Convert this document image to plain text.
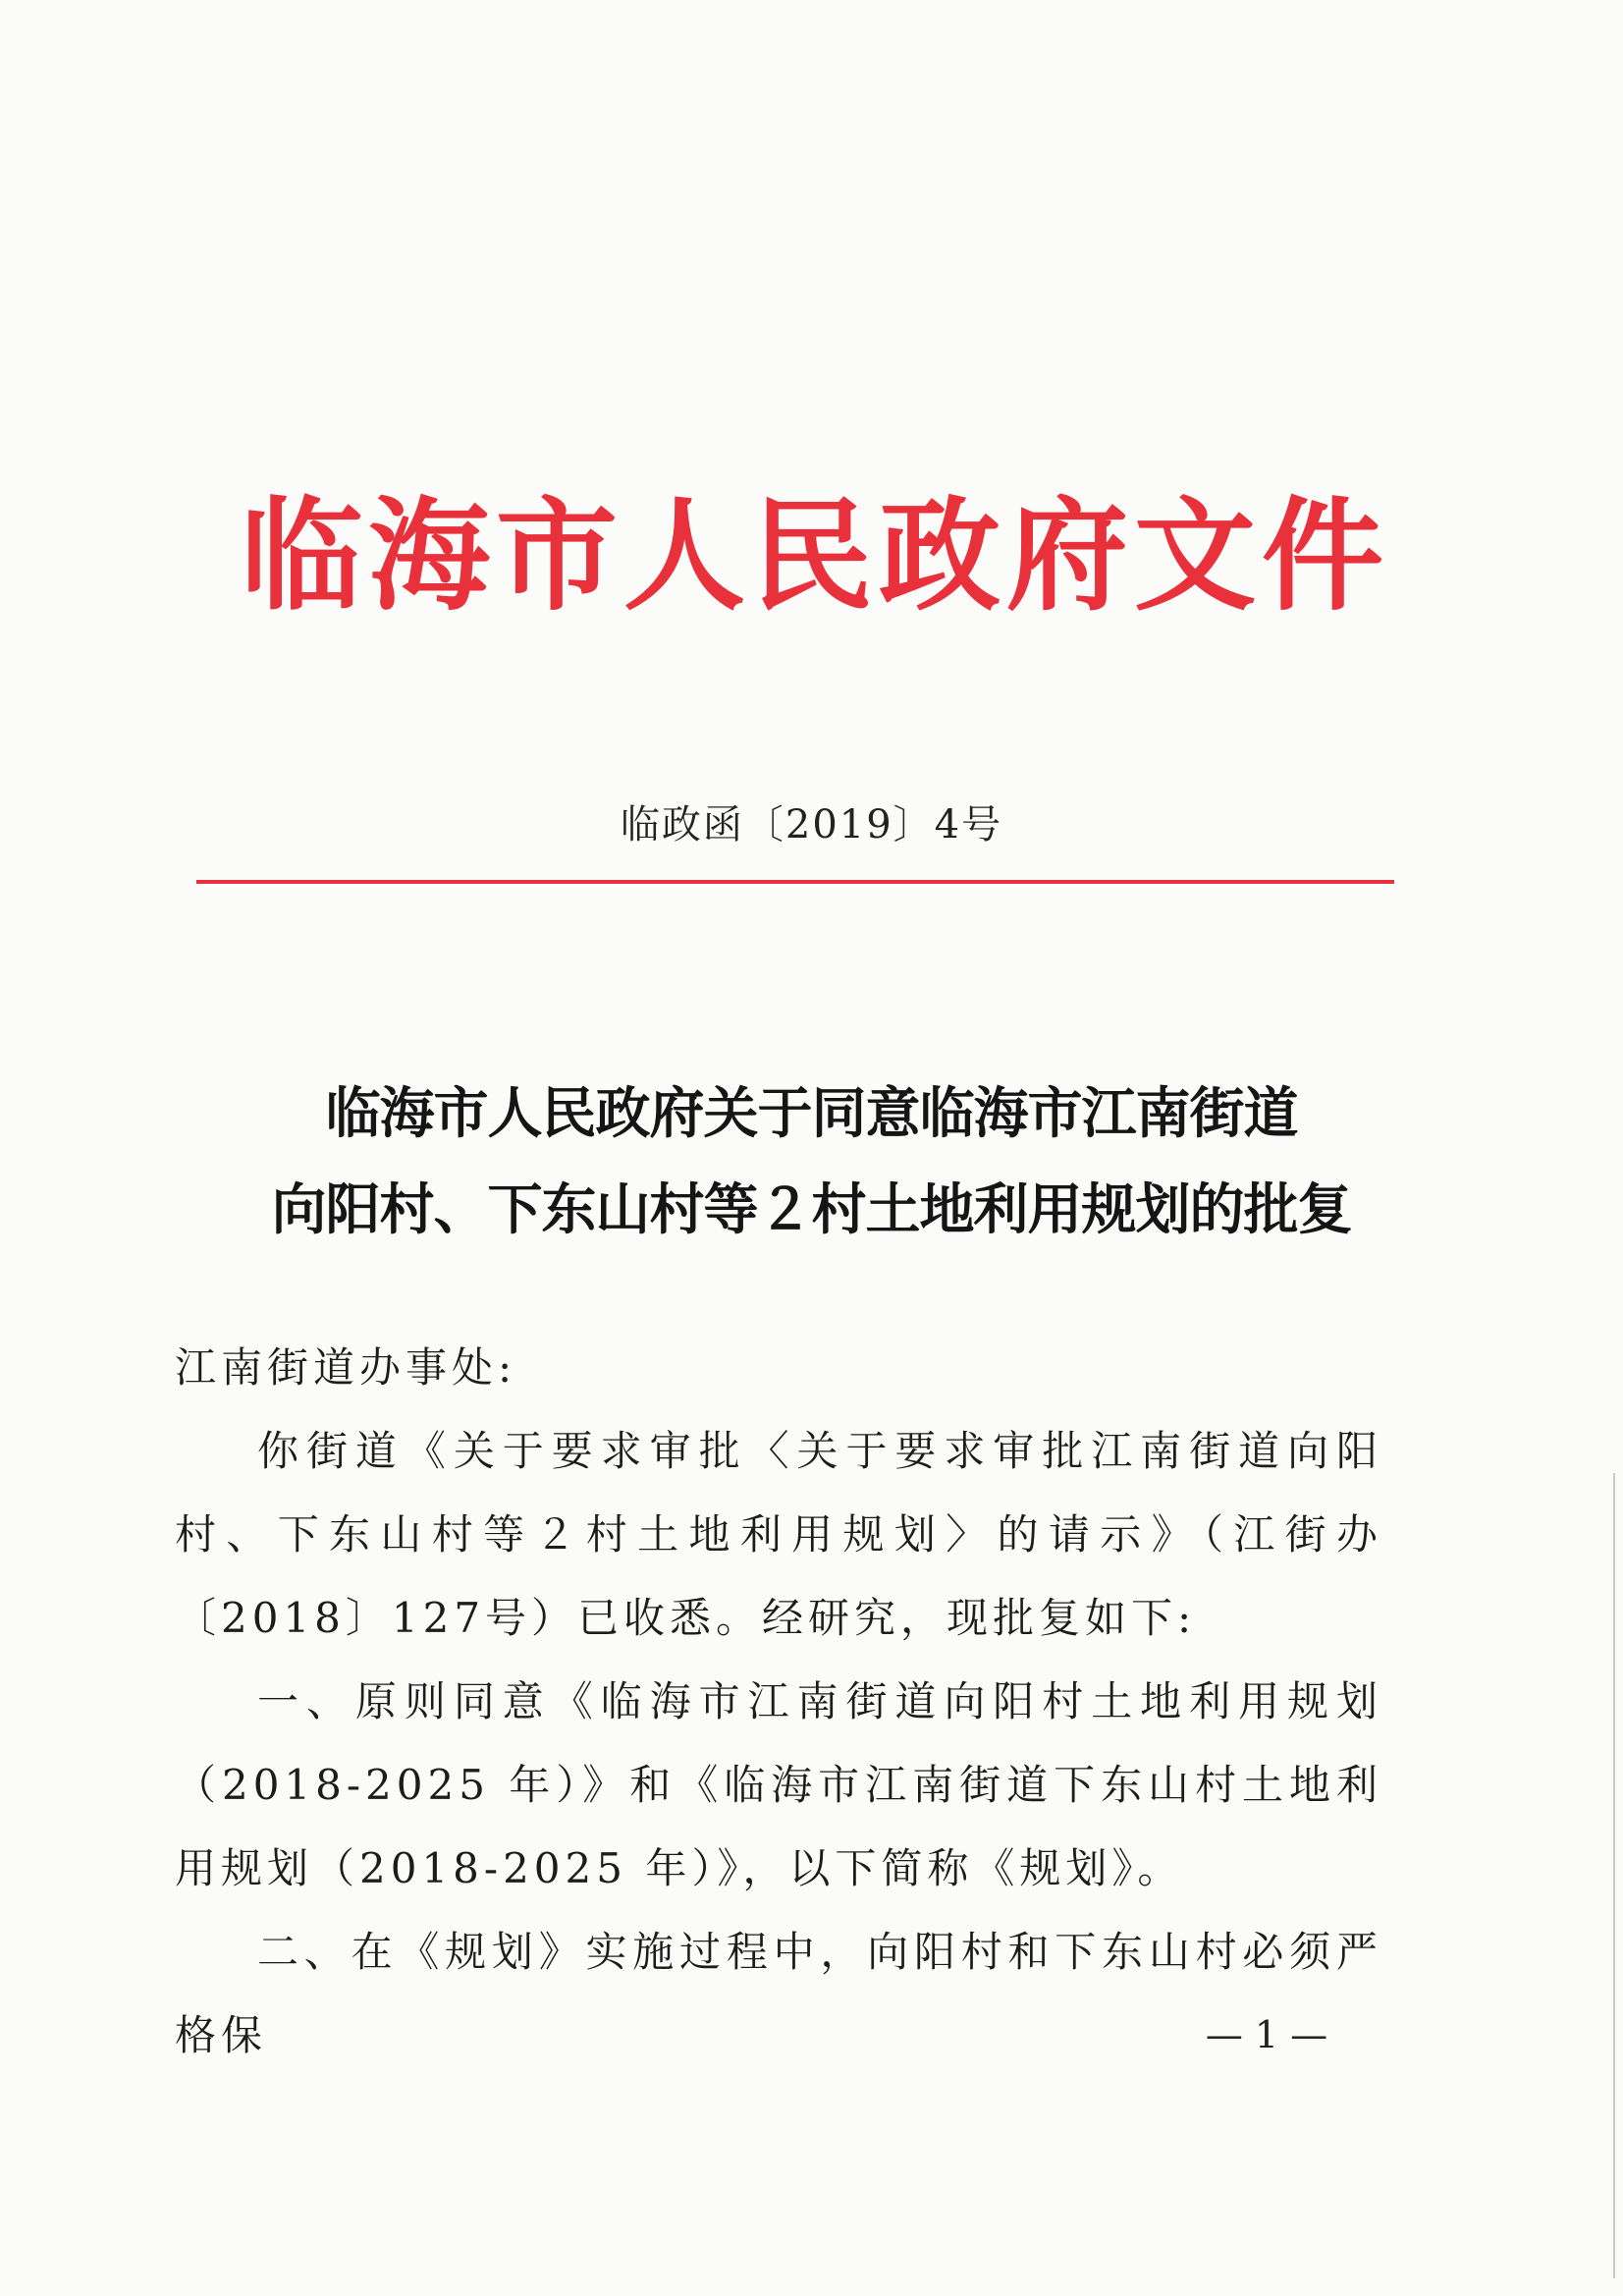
临海市人民政府文件
临政函〔2019〕4号
临海市人民政府关于同意临海市江南街道
向阳村、下东山村等２村土地利用规划的批复

江南街道办事处:

你街道《关于要求审批〈关于要求审批江南街道向阳村、下东山村等２村土地利用规划〉的请示》（江街办〔2018〕127号）已收悉。经研究，现批复如下:

一、原则同意《临海市江南街道向阳村土地利用规划（2018-2025 年）》和《临海市江南街道下东山村土地利用规划（2018-2025 年）》，以下简称《规划》。

二、在《规划》实施过程中，向阳村和下东山村必须严格保	— 1 —
